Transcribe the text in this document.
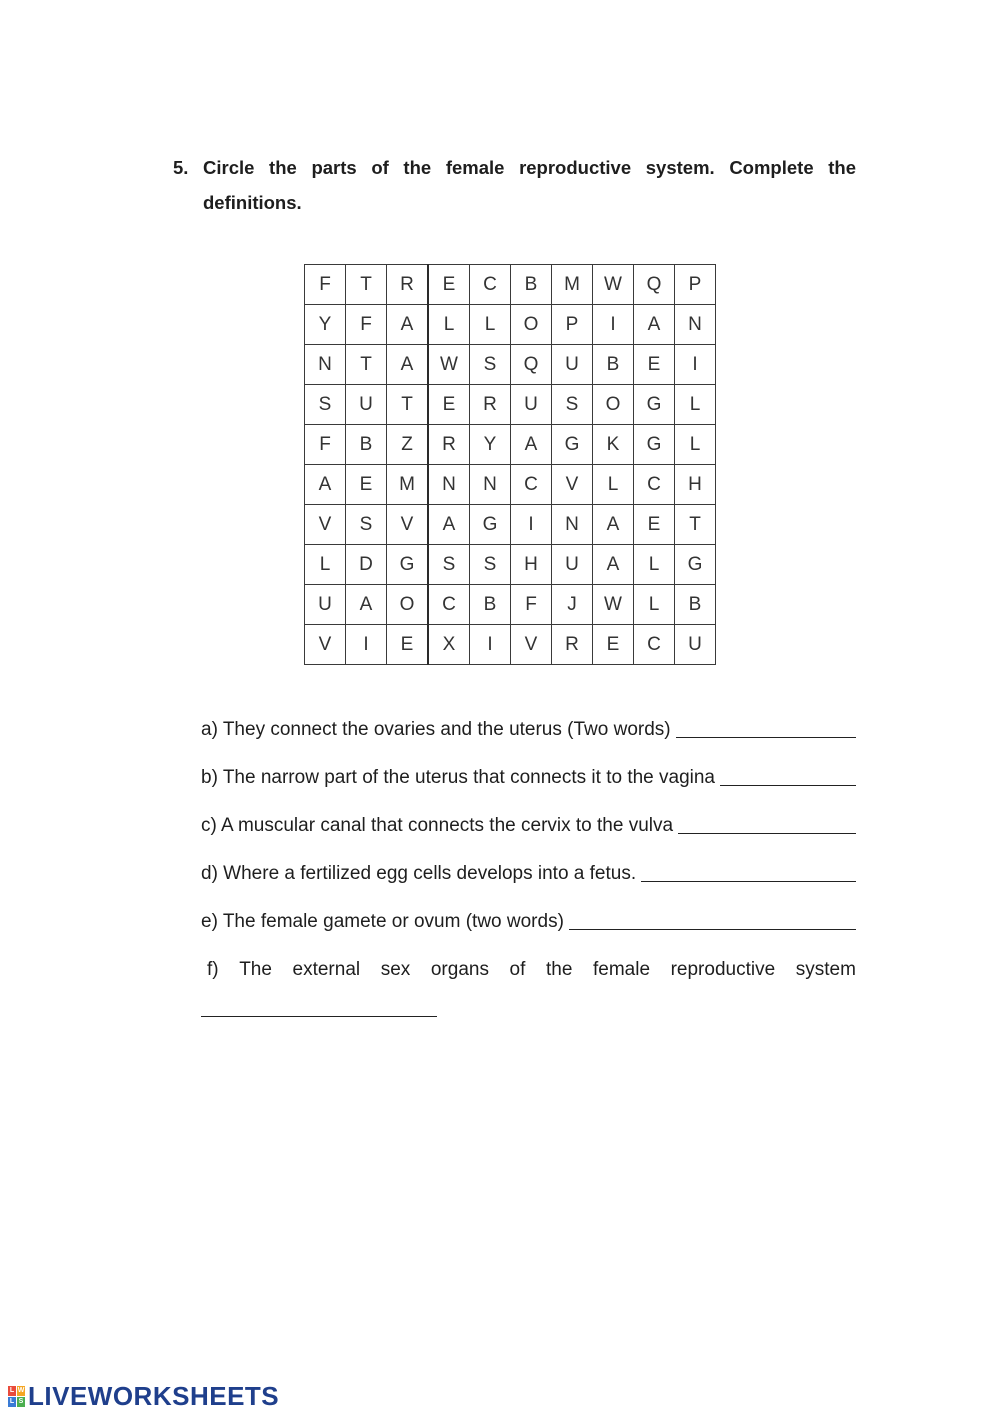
5. Circle the parts of the female reproductive system. Complete the definitions.
F	T	R	E	C	B	M	W	Q	P
Y	F	A	L	L	O	P	I	A	N
N	T	A	W	S	Q	U	B	E	I
S	U	T	E	R	U	S	O	G	L
F	B	Z	R	Y	A	G	K	G	L
A	E	M	N	N	C	V	L	C	H
V	S	V	A	G	I	N	A	E	T
L	D	G	S	S	H	U	A	L	G
U	A	O	C	B	F	J	W	L	B
V	I	E	X	I	V	R	E	C	U
a) They connect the ovaries and the uterus (Two words)
b) The narrow part of the uterus that connects it to the vagina
c) A muscular canal that connects the cervix to the vulva
d) Where a fertilized egg cells develops into a fetus.
e) The female gamete or ovum (two words)
f) The external sex organs of the female reproductive system
L W
L S LIVEWORKSHEETS
